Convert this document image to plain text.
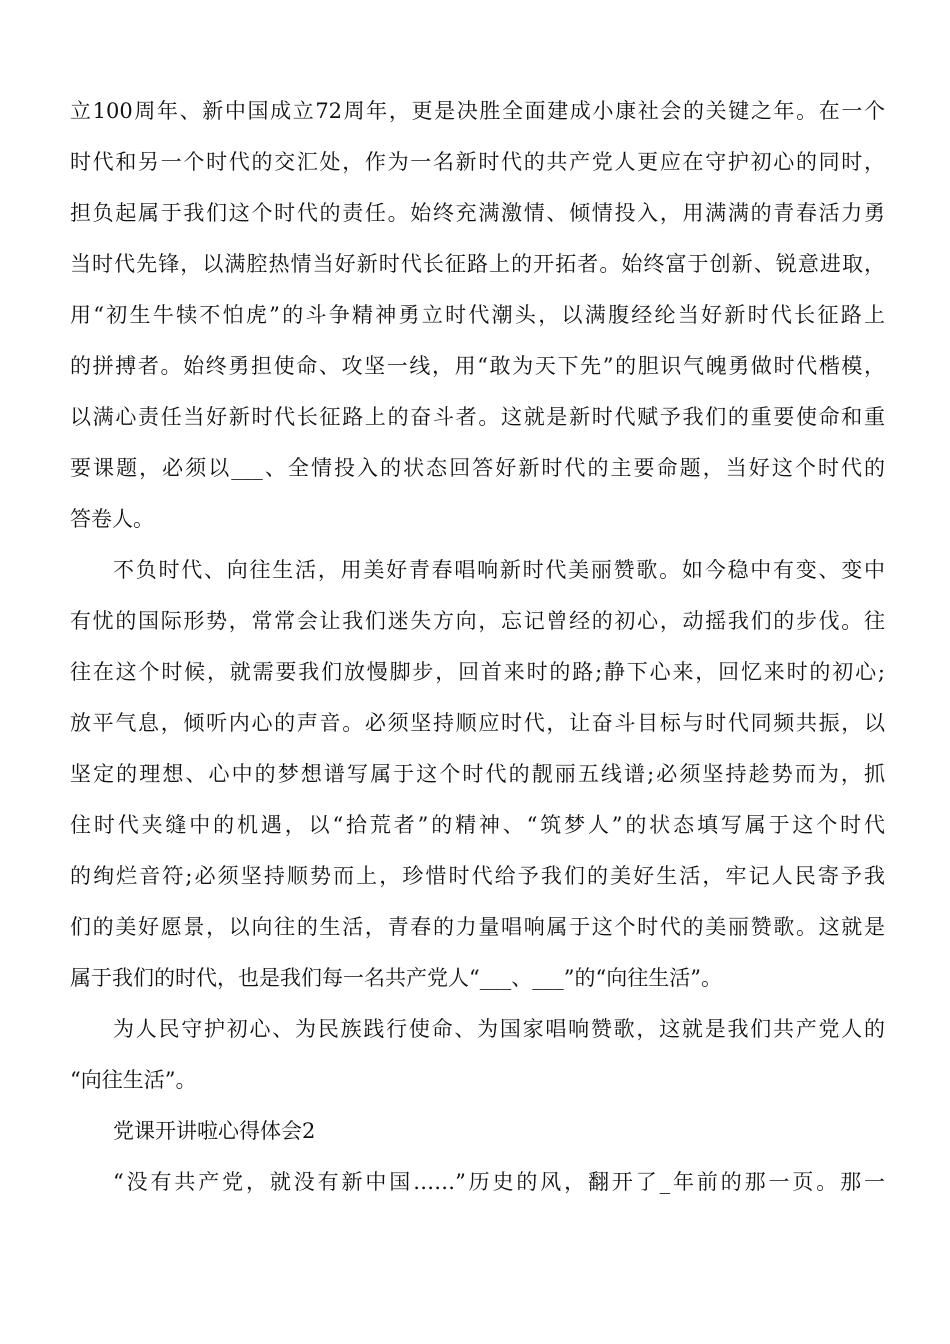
立100周年、新中国成立72周年，更是决胜全面建成小康社会的关键之年。在一个
时代和另一个时代的交汇处，作为一名新时代的共产党人更应在守护初心的同时，
担负起属于我们这个时代的责任。始终充满激情、倾情投入，用满满的青春活力勇
当时代先锋，以满腔热情当好新时代长征路上的开拓者。始终富于创新、锐意进取，
用“初生牛犊不怕虎”的斗争精神勇立时代潮头，以满腹经纶当好新时代长征路上
的拼搏者。始终勇担使命、攻坚一线，用“敢为天下先”的胆识气魄勇做时代楷模，
以满心责任当好新时代长征路上的奋斗者。这就是新时代赋予我们的重要使命和重
要课题，必须以___、全情投入的状态回答好新时代的主要命题，当好这个时代的
答卷人。
不负时代、向往生活，用美好青春唱响新时代美丽赞歌。如今稳中有变、变中
有忧的国际形势，常常会让我们迷失方向，忘记曾经的初心，动摇我们的步伐。往
往在这个时候，就需要我们放慢脚步，回首来时的路;静下心来，回忆来时的初心;
放平气息，倾听内心的声音。必须坚持顺应时代，让奋斗目标与时代同频共振，以
坚定的理想、心中的梦想谱写属于这个时代的靓丽五线谱;必须坚持趁势而为，抓
住时代夹缝中的机遇，以“拾荒者”的精神、“筑梦人”的状态填写属于这个时代
的绚烂音符;必须坚持顺势而上，珍惜时代给予我们的美好生活，牢记人民寄予我
们的美好愿景，以向往的生活，青春的力量唱响属于这个时代的美丽赞歌。这就是
属于我们的时代，也是我们每一名共产党人“___、___”的“向往生活”。
为人民守护初心、为民族践行使命、为国家唱响赞歌，这就是我们共产党人的
“向往生活”。
党课开讲啦心得体会2
“没有共产党，就没有新中国……”历史的风，翻开了_年前的那一页。那一
